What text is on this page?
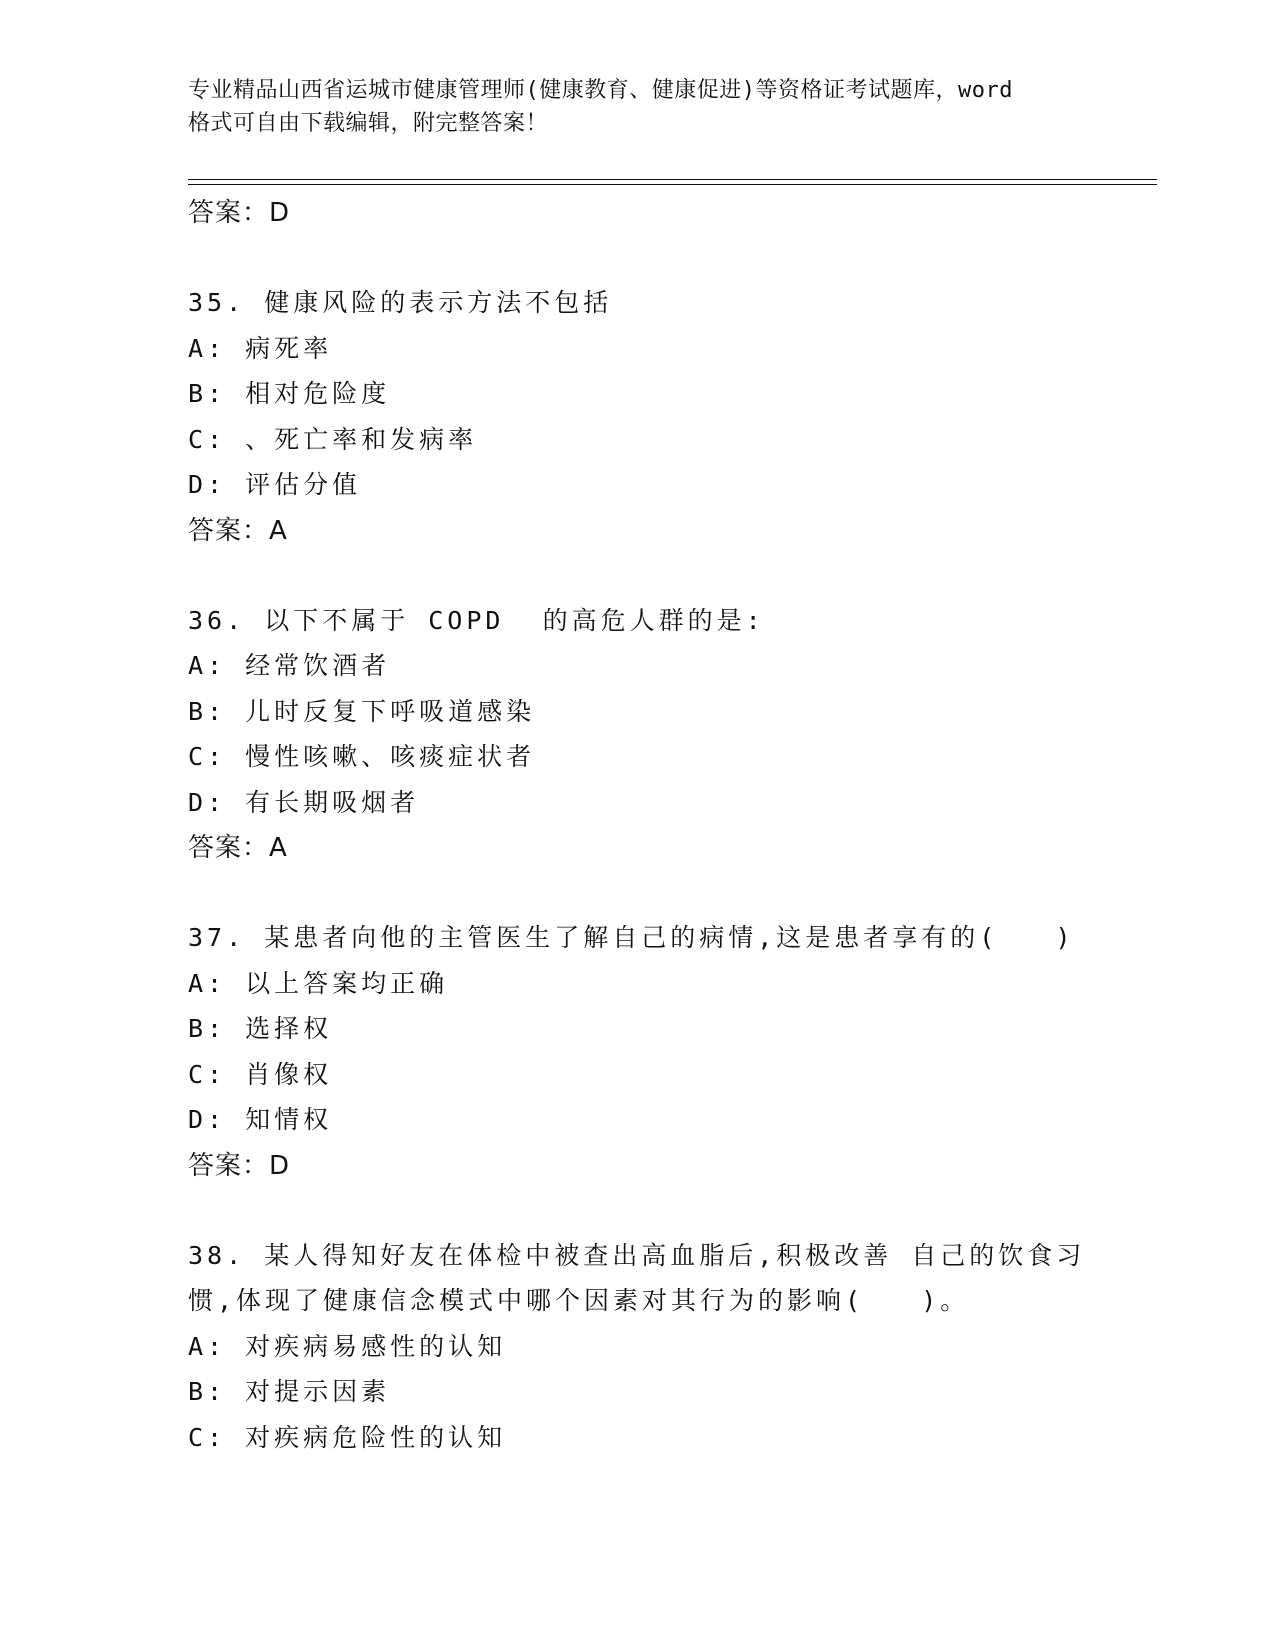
专业精品山西省运城市健康管理师(健康教育、健康促进)等资格证考试题库，word
格式可自由下载编辑，附完整答案！
答案：D
35. 健康风险的表示方法不包括
A: 病死率
B: 相对危险度
C: 、死亡率和发病率
D: 评估分值
答案：A
36. 以下不属于 COPD  的高危人群的是:
A: 经常饮酒者
B: 儿时反复下呼吸道感染
C: 慢性咳嗽、咳痰症状者
D: 有长期吸烟者
答案：A
37. 某患者向他的主管医生了解自己的病情,这是患者享有的(   )
A: 以上答案均正确
B: 选择权
C: 肖像权
D: 知情权
答案：D
38. 某人得知好友在体检中被查出高血脂后,积极改善 自己的饮食习
惯,体现了健康信念模式中哪个因素对其行为的影响(   )。
A: 对疾病易感性的认知
B: 对提示因素
C: 对疾病危险性的认知
